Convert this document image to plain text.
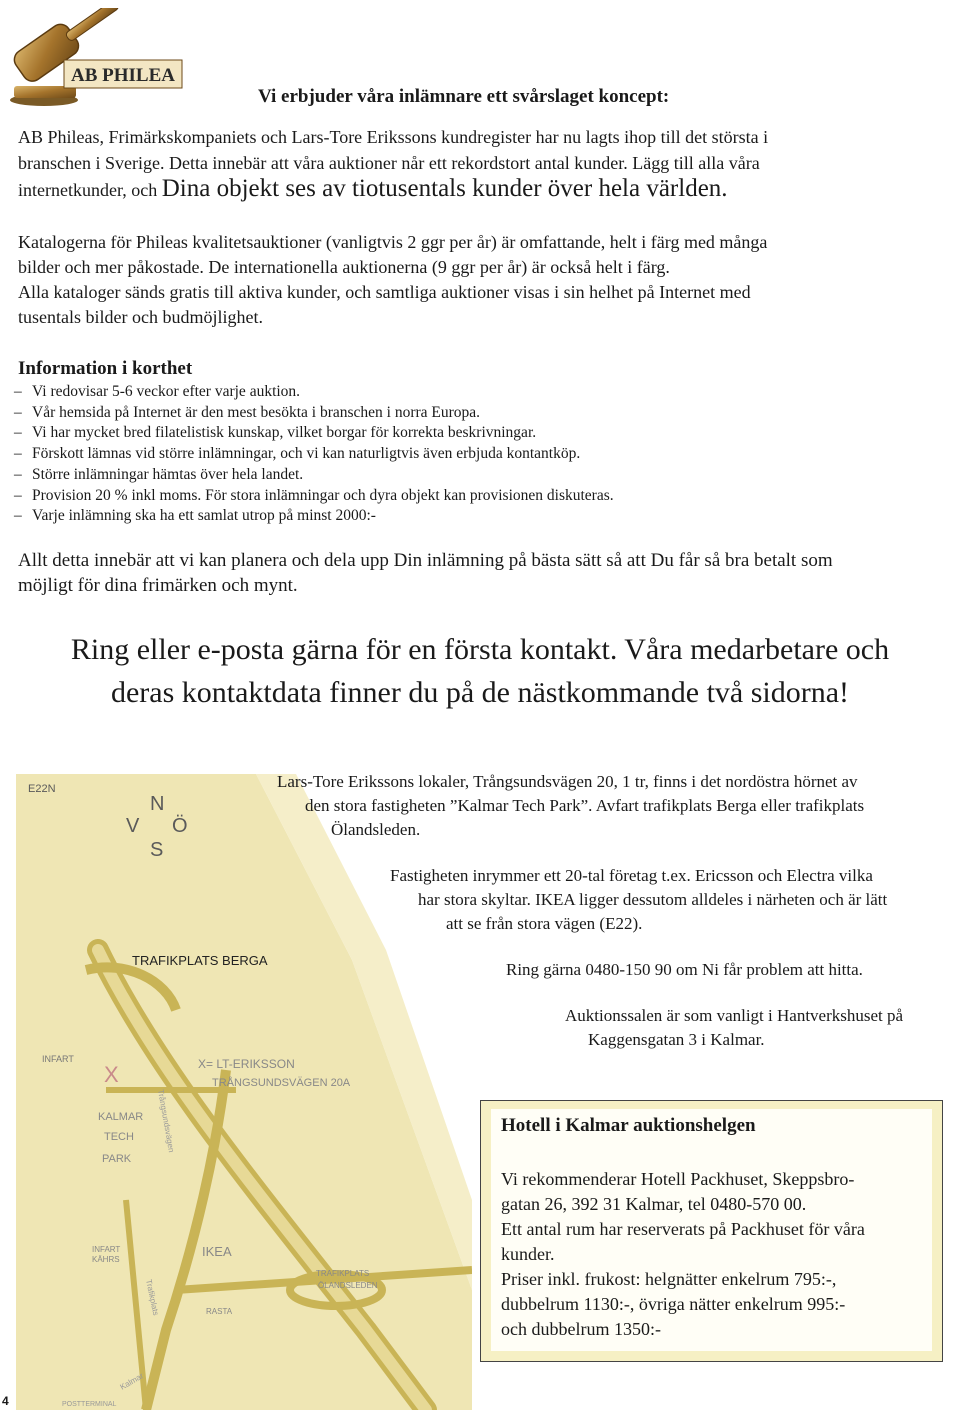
AB PHILEA
Vi erbjuder våra inlämnare ett svårslaget koncept:
AB Phileas, Frimärkskompaniets och Lars-Tore Erikssons kundregister har nu lagts ihop till det största i
branschen i Sverige. Detta innebär att våra auktioner når ett rekordstort antal kunder. Lägg till alla våra
internetkunder, och Dina objekt ses av tiotusentals kunder över hela världen.
Katalogerna för Phileas kvalitetsauktioner (vanligtvis 2 ggr per år) är omfattande, helt i färg med många
bilder och mer påkostade. De internationella auktionerna (9 ggr per år) är också helt i färg.
Alla kataloger sänds gratis till aktiva kunder, och samtliga auktioner visas i sin helhet på Internet med
tusentals bilder och budmöjlighet.
Information i korthet
– Vi redovisar 5-6 veckor efter varje auktion.
– Vår hemsida på Internet är den mest besökta i branschen i norra Europa.
– Vi har mycket bred filatelistisk kunskap, vilket borgar för korrekta beskrivningar.
– Förskott lämnas vid större inlämningar, och vi kan naturligtvis även erbjuda kontantköp.
– Större inlämningar hämtas över hela landet.
– Provision 20 % inkl moms. För stora inlämningar och dyra objekt kan provisionen diskuteras.
– Varje inlämning ska ha ett samlat utrop på minst 2000:-
Allt detta innebär att vi kan planera och dela upp Din inlämning på bästa sätt så att Du får så bra betalt som
möjligt för dina frimärken och mynt.
Ring eller e-posta gärna för en första kontakt. Våra medarbetare och
deras kontaktdata finner du på de nästkommande två sidorna!
E22N
N
V Ö
S
TRAFIKPLATS BERGA
INFART
X	X= LT-ERIKSSON
TRÅNGSUNDSVÄGEN 20A
KALMAR
TECH
PARK
INFART
KÄHRS
IKEA
RASTA
TRAFIKPLATS
ÖLANDSLEDEN
Trångsundsvägen
Trafikplats
Kalmar
POSTTERMINAL
Lars-Tore Erikssons lokaler, Trångsundsvägen 20, 1 tr, finns i det nordöstra hörnet av
den stora fastigheten ”Kalmar Tech Park”. Avfart trafikplats Berga eller trafikplats
Ölandsleden.
Fastigheten inrymmer ett 20-tal företag t.ex. Ericsson och Electra vilka
har stora skyltar. IKEA ligger dessutom alldeles i närheten och är lätt
att se från stora vägen (E22).
Ring gärna 0480-150 90 om Ni får problem att hitta.
Auktionssalen är som vanligt i Hantverkshuset på
Kaggensgatan 3 i Kalmar.
Hotell i Kalmar auktionshelgen
Vi rekommenderar Hotell Packhuset, Skeppsbro-
gatan 26, 392 31 Kalmar, tel 0480-570 00.
Ett antal rum har reserverats på Packhuset för våra
kunder.
Priser inkl. frukost: helgnätter enkelrum 795:-,
dubbelrum 1130:-, övriga nätter enkelrum 995:-
och dubbelrum 1350:-
4
